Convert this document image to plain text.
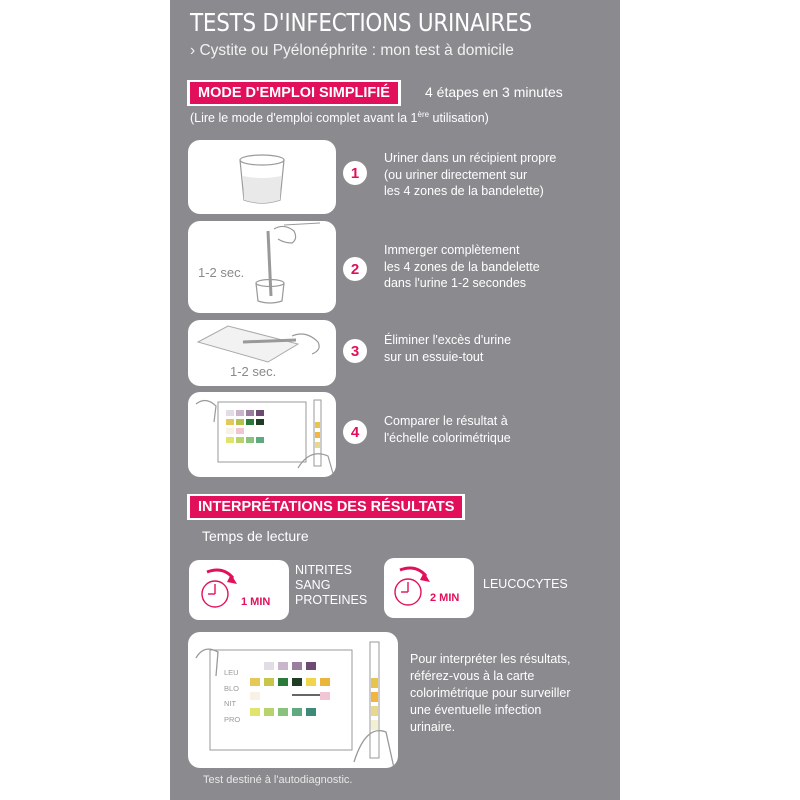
TESTS D'INFECTIONS URINAIRES
› Cystite ou Pyélonéphrite : mon test à domicile
MODE D'EMPLOI SIMPLIFIÉ	4 étapes en 3 minutes
(Lire le mode d'emploi complet avant la 1ère utilisation)
1
Uriner dans un récipient propre
(ou uriner directement sur
les 4 zones de la bandelette)
1-2 sec.	2
Immerger complètement
les 4 zones de la bandelette
dans l'urine 1-2 secondes
1-2 sec.
3
Éliminer l'excès d'urine
sur un essuie-tout
4
Comparer le résultat à
l'échelle colorimétrique
INTERPRÉTATIONS DES RÉSULTATS
Temps de lecture
1 MIN
NITRITES
SANG
PROTEINES	2 MIN
LEUCOCYTES
LEU
BLO
NIT
PRO
Pour interpréter les résultats,
référez-vous à la carte
colorimétrique pour surveiller
une éventuelle infection
urinaire.
Test destiné à l'autodiagnostic.
